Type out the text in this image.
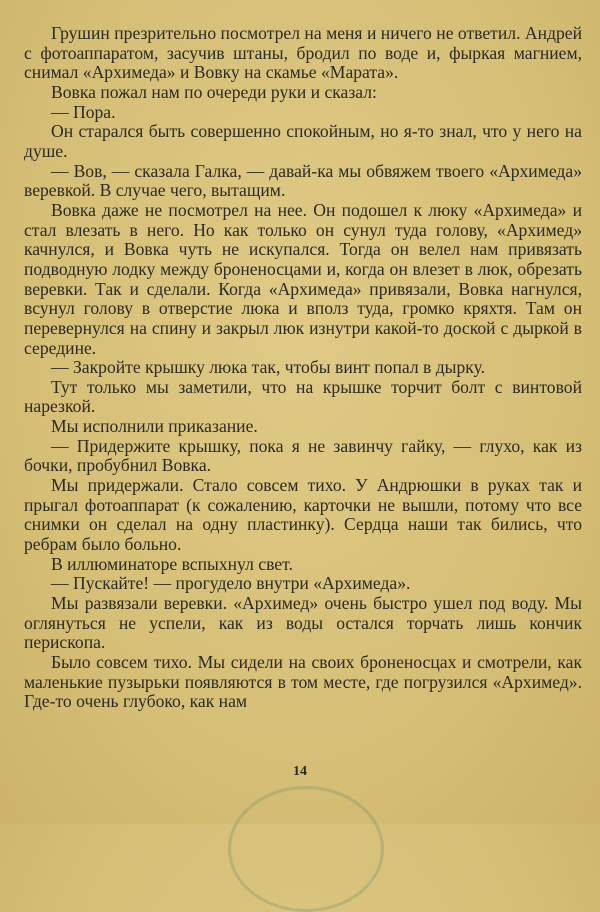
Грушин презрительно посмотрел на меня и ничего не ответил. Андрей с фотоаппаратом, засучив штаны, бродил по воде и, фыркая магнием, снимал «Архимеда» и Вовку на скамье «Марата».

Вовка пожал нам по очереди руки и сказал:

— Пора.

Он старался быть совершенно спокойным, но я-то знал, что у него на душе.

— Вов, — сказала Галка, — давай-ка мы обвяжем твоего «Архимеда» веревкой. В случае чего, вытащим.

Вовка даже не посмотрел на нее. Он подошел к люку «Архимеда» и стал влезать в него. Но как только он сунул туда голову, «Архимед» качнулся, и Вовка чуть не искупался. Тогда он велел нам привязать подводную лодку между броненосцами и, когда он влезет в люк, обрезать веревки. Так и сделали. Когда «Архимеда» привязали, Вовка нагнулся, всунул голову в отверстие люка и вполз туда, громко кряхтя. Там он перевернулся на спину и закрыл люк изнутри какой-то доской с дыркой в середине.

— Закройте крышку люка так, чтобы винт попал в дырку.

Тут только мы заметили, что на крышке торчит болт с винтовой нарезкой.

Мы исполнили приказание.

— Придержите крышку, пока я не завинчу гайку, — глухо, как из бочки, пробубнил Вовка.

Мы придержали. Стало совсем тихо. У Андрюшки в руках так и прыгал фотоаппарат (к сожалению, карточки не вышли, потому что все снимки он сделал на одну пластинку). Сердца наши так бились, что ребрам было больно.

В иллюминаторе вспыхнул свет.

— Пускайте! — прогудело внутри «Архимеда».

Мы развязали веревки. «Архимед» очень быстро ушел под воду. Мы оглянуться не успели, как из воды остался торчать лишь кончик перископа.

Было совсем тихо. Мы сидели на своих броненосцах и смотрели, как маленькие пузырьки появляются в том месте, где погрузился «Архимед». Где-то очень глубоко, как нам

14
